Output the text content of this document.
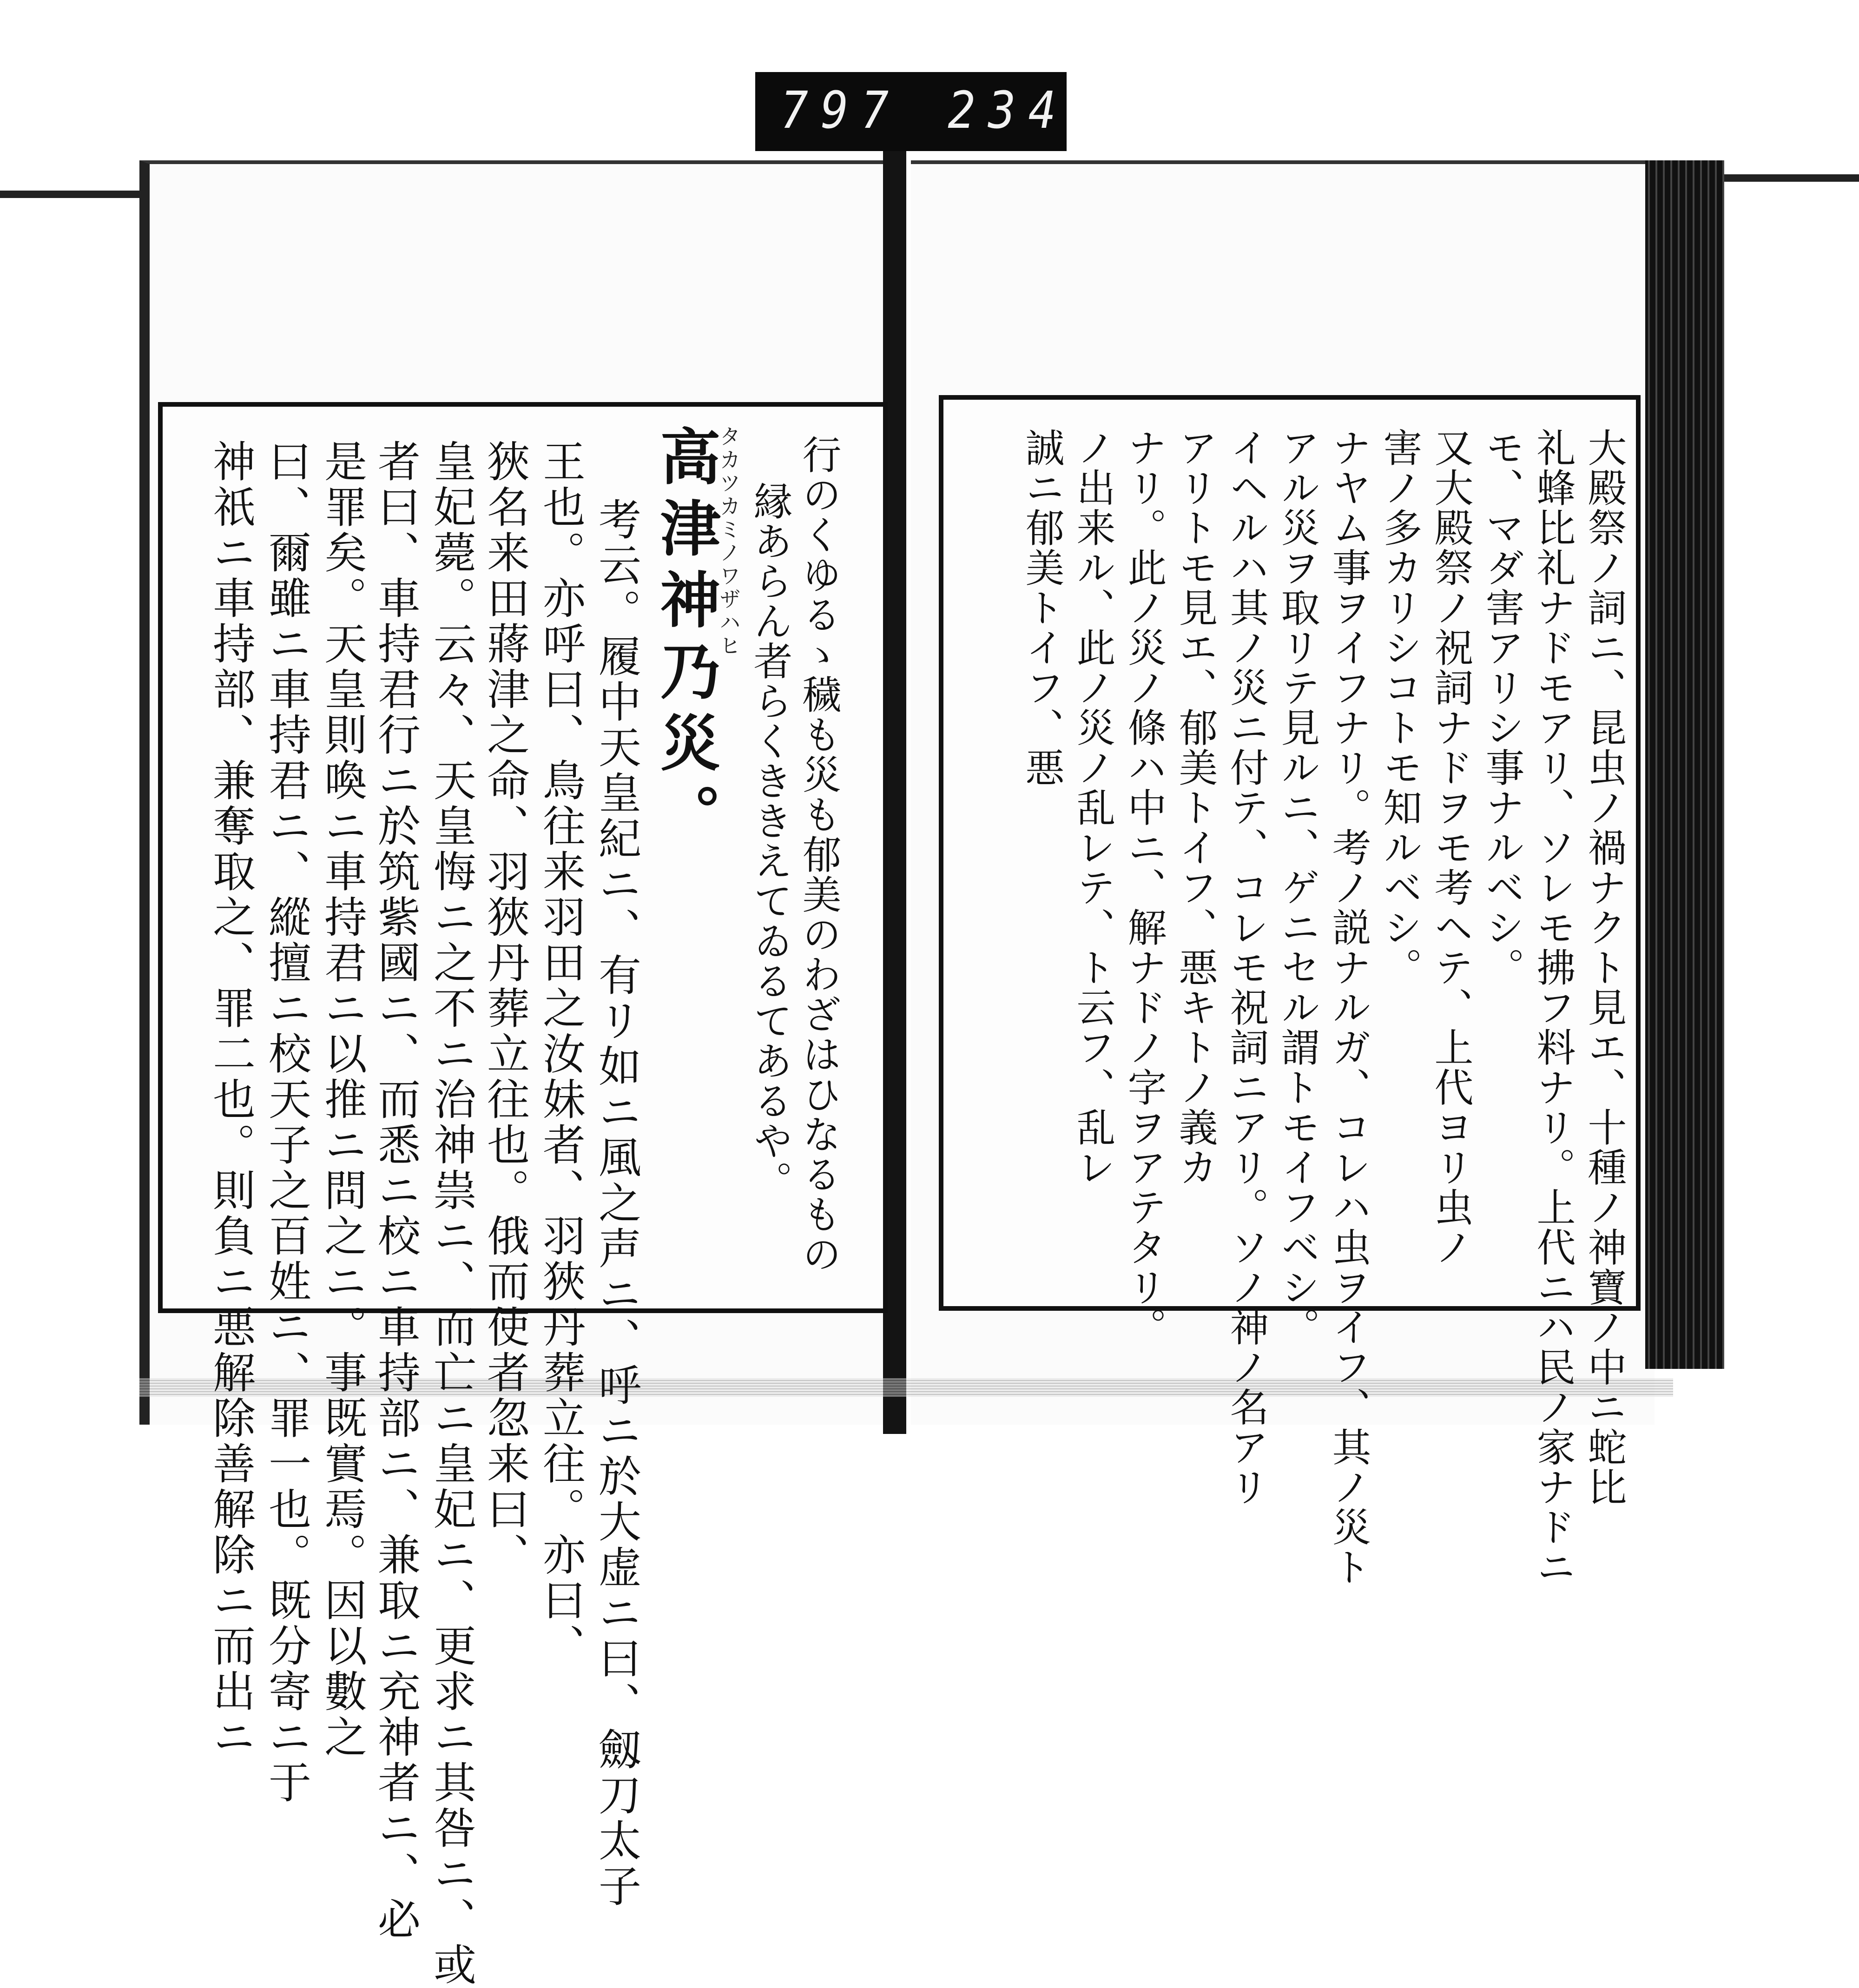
797 234
高津神乃災。
タカツカミノワザハヒ 行のくゆるゝ穢も災も郁美のわざはひなるもの
縁あらん者らくききえてゐるてあるや。
考云。履中天皇紀ニ、有リ如ニ風之声ニ、呼ニ於大虚ニ曰、劔刀太子
王也。亦呼曰、鳥往来羽田之汝妹者、羽狹丹葬立往。亦曰、
狹名来田蔣津之命、羽狹丹葬立往也。俄而使者忽来曰、
皇妃薨。云々、天皇悔ニ之不ニ治神祟ニ、而亡ニ皇妃ニ、更求ニ其咎ニ、或
者曰、車持君行ニ於筑紫國ニ、而悉ニ校ニ車持部ニ、兼取ニ充神者ニ、必
是罪矣。天皇則喚ニ車持君ニ以推ニ問之ニ。事既實焉。因以數之
曰、爾雖ニ車持君ニ、縱擅ニ校天子之百姓ニ、罪一也。既分寄ニ于
神祇ニ車持部、兼奪取之、罪二也。則負ニ悪解除善解除ニ而出ニ	大殿祭ノ詞ニ、昆虫ノ禍ナクト見エ、十種ノ神寶ノ中ニ蛇比
礼蜂比礼ナドモアリ、ソレモ拂フ料ナリ。上代ニハ民ノ家ナドニ
モ、マダ害アリシ事ナルベシ。
又大殿祭ノ祝詞ナドヲモ考ヘテ、上代ヨリ虫ノ
害ノ多カリシコトモ知ルベシ。
ナヤム事ヲイフナリ。考ノ説ナルガ、コレハ虫ヲイフ、其ノ災ト
アル災ヲ取リテ見ルニ、ゲニセル謂トモイフベシ。
イヘルハ其ノ災ニ付テ、コレモ祝詞ニアリ。ソノ神ノ名アリ
アリトモ見エ、郁美トイフ、悪キトノ義カ
ナリ。此ノ災ノ條ハ中ニ、解ナドノ字ヲアテタリ。
ノ出来ル、此ノ災ノ乱レテ、ト云フ、乱レ
誠ニ郁美トイフ、悪
